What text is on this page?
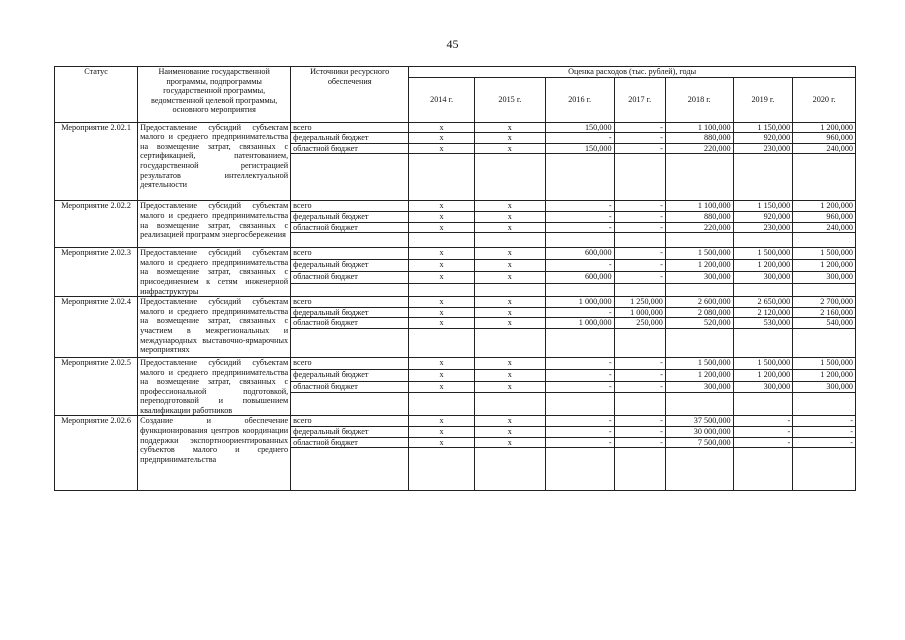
45
Статус	Наименование государственной программы, подпрограммы государственной программы, ведомственной целевой программы, основного мероприятия	Источники ресурсного обеспечения	Оценка расходов (тыс. рублей), годы						
			2014 г.	2015 г.	2016 г.	2017 г.	2018 г.	2019 г.	2020 г.
Мероприятие 2.02.1	Предоставление субсидий субъектам малого и среднего предпринимательства на возмещение затрат, связанных с сертификацией, патентованием, государственной регистрацией результатов интеллектуальной деятельности	всего	x	x	150,000	-	1 100,000	1 150,000	1 200,000
		федеральный бюджет	x	x	-	-	880,000	920,000	960,000
		областной бюджет	x	x	150,000	-	220,000	230,000	240,000

Мероприятие 2.02.2	Предоставление субсидий субъектам малого и среднего предпринимательства на возмещение затрат, связанных с реализацией программ энергосбережения	всего	x	x	-	-	1 100,000	1 150,000	1 200,000
		федеральный бюджет	x	x	-	-	880,000	920,000	960,000
		областной бюджет	x	x	-	-	220,000	230,000	240,000

Мероприятие 2.02.3	Предоставление субсидий субъектам малого и среднего предпринимательства на возмещение затрат, связанных с присоединением к сетям инженерной инфраструктуры	всего	x	x	600,000	-	1 500,000	1 500,000	1 500,000
		федеральный бюджет	x	x	-	-	1 200,000	1 200,000	1 200,000
		областной бюджет	x	x	600,000	-	300,000	300,000	300,000

Мероприятие 2.02.4	Предоставление субсидий субъектам малого и среднего предпринимательства на возмещение затрат, связанных с участием в межрегиональных и международных выставочно-ярмарочных мероприятиях	всего	x	x	1 000,000	1 250,000	2 600,000	2 650,000	2 700,000
		федеральный бюджет	x	x	-	1 000,000	2 080,000	2 120,000	2 160,000
		областной бюджет	x	x	1 000,000	250,000	520,000	530,000	540,000

Мероприятие 2.02.5	Предоставление субсидий субъектам малого и среднего предпринимательства на возмещение затрат, связанных с профессиональной подготовкой, переподготовкой и повышением квалификации работников	всего	x	x	-	-	1 500,000	1 500,000	1 500,000
		федеральный бюджет	x	x	-	-	1 200,000	1 200,000	1 200,000
		областной бюджет	x	x	-	-	300,000	300,000	300,000

Мероприятие 2.02.6	Создание и обеспечение функционирования центров координации поддержки экспортноориентированных субъектов малого и среднего предпринимательства	всего	x	x	-	-	37 500,000	-	-
		федеральный бюджет	x	x	-	-	30 000,000	-	-
		областной бюджет	x	x	-	-	7 500,000	-	-
